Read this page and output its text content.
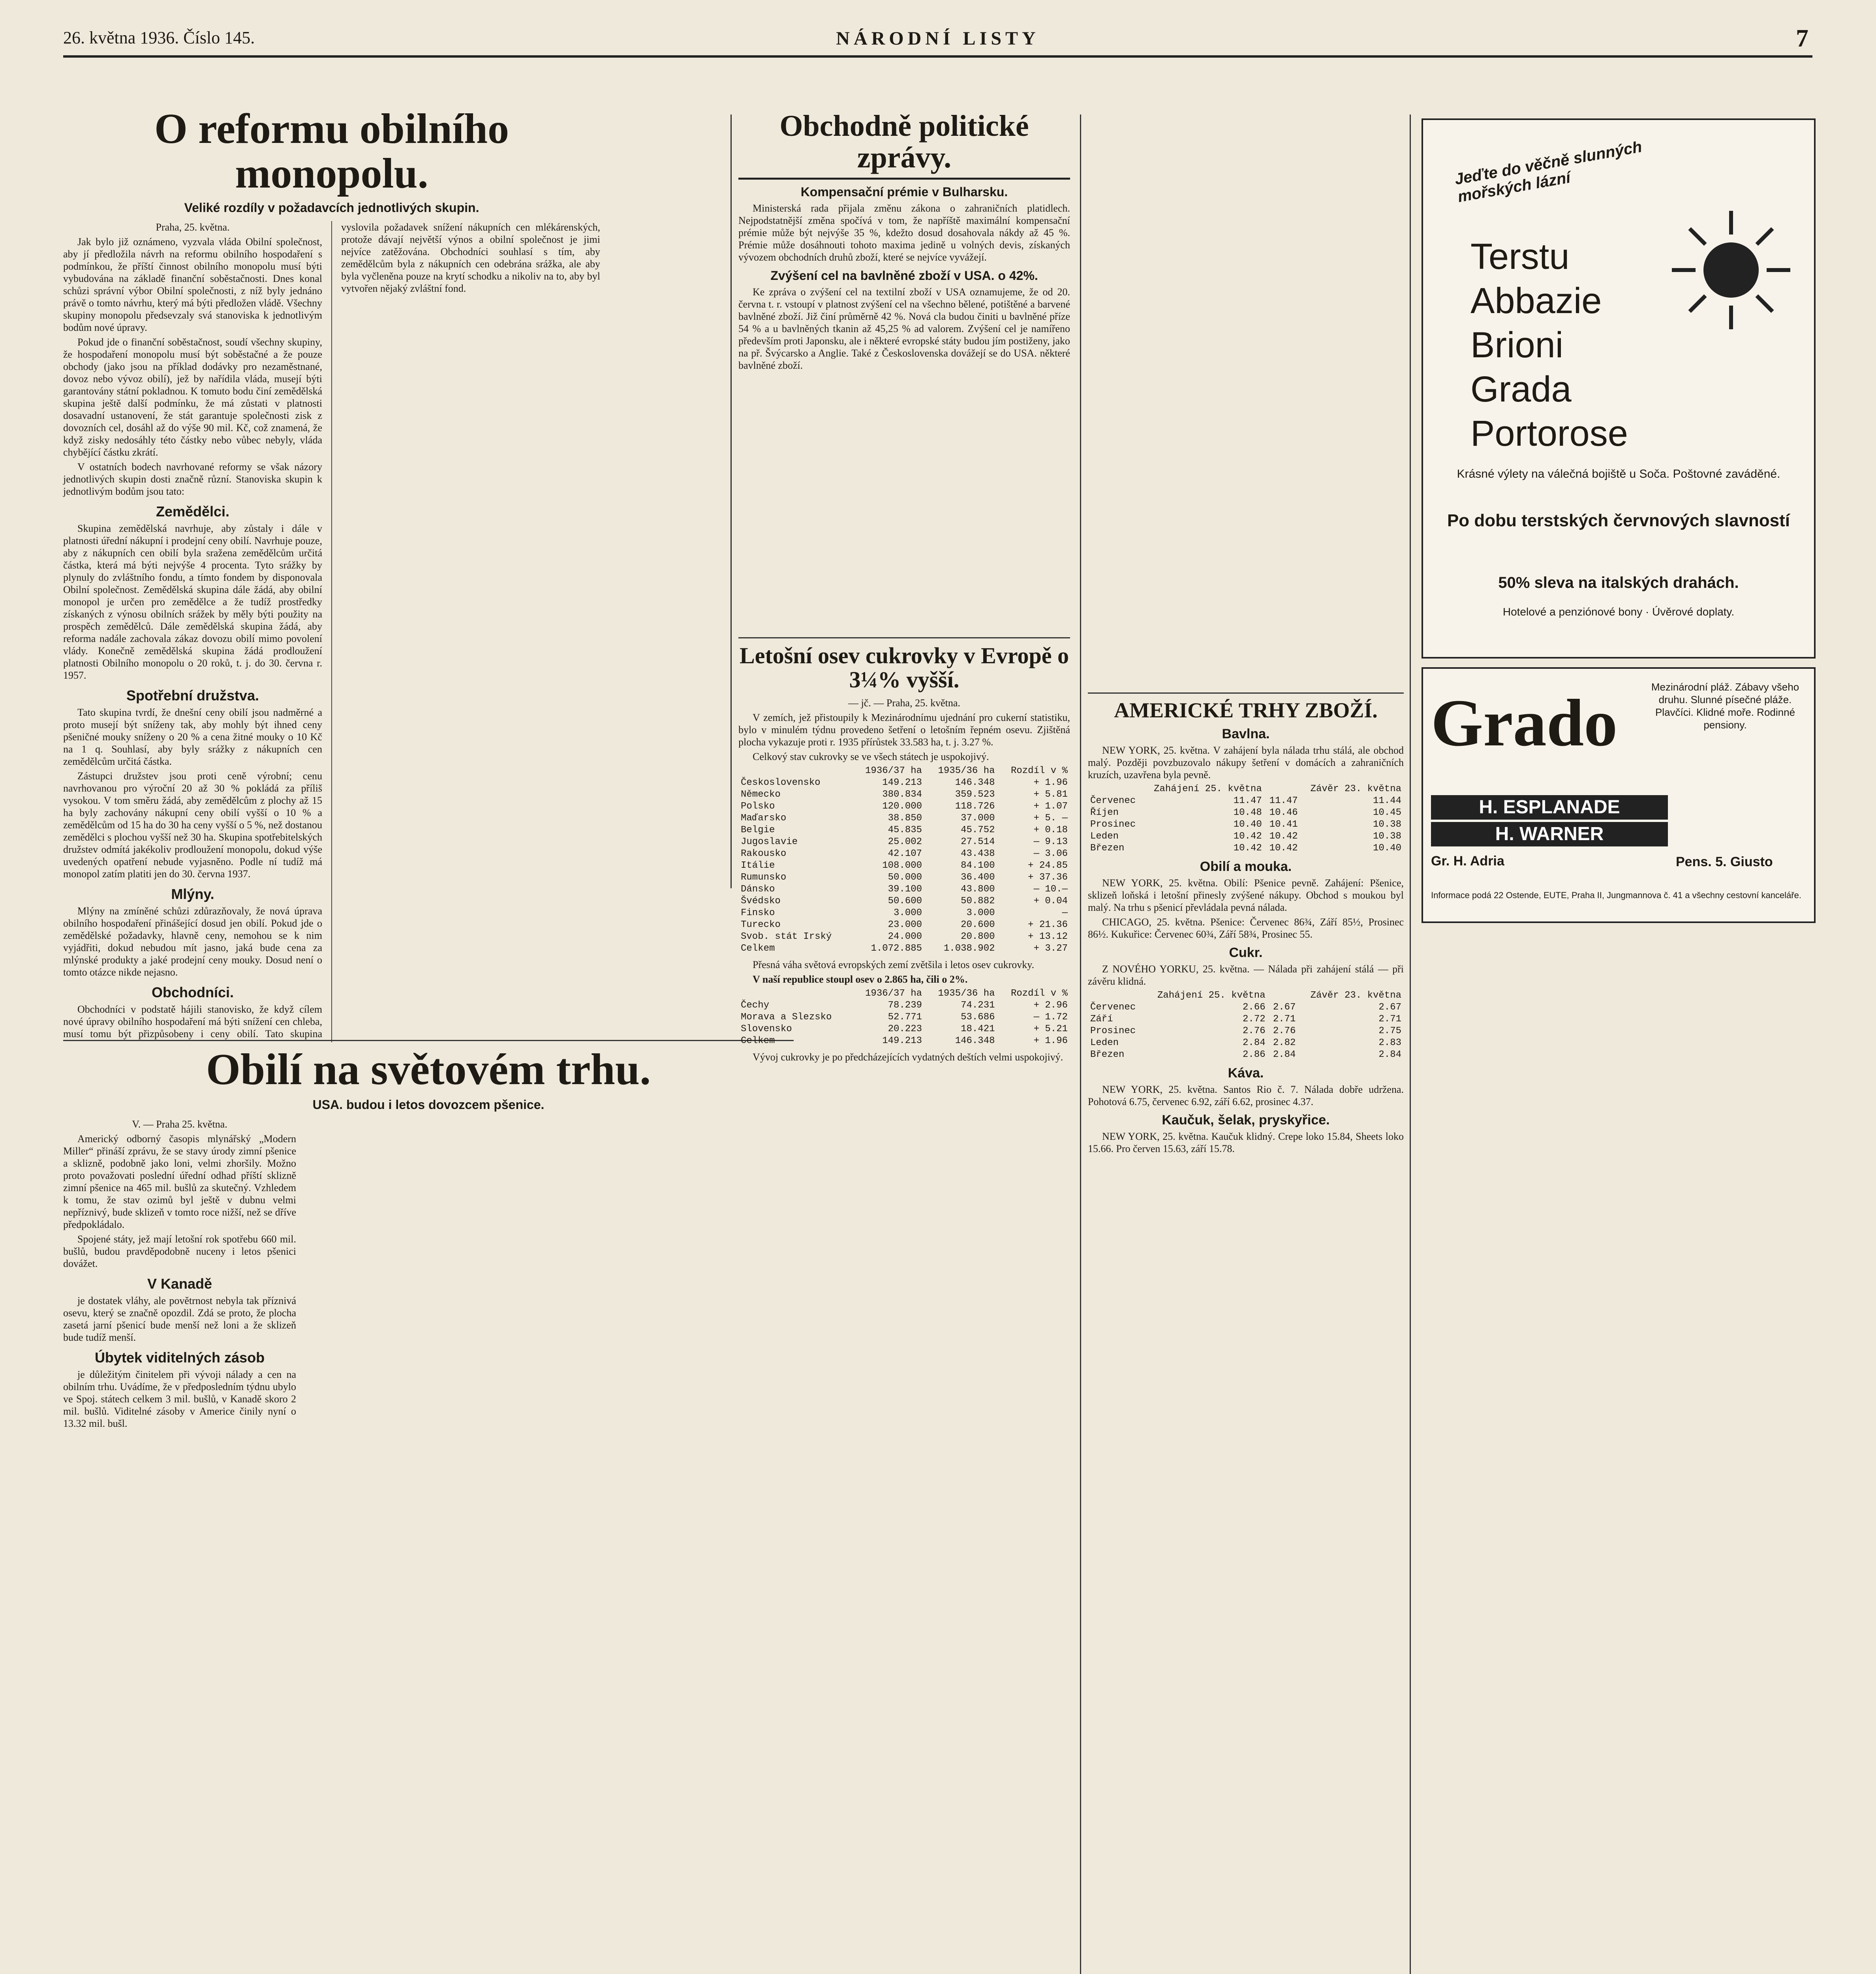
26. května 1936. Číslo 145.	NÁRODNÍ LISTY	7
O reformu obilního monopolu.
Veliké rozdíly v požadavcích jednotlivých skupin.

Praha, 25. května.

Jak bylo již oznámeno, vyzvala vláda Obilní společnost, aby jí předložila návrh na reformu obilního hospodaření s podmínkou, že příští činnost obilního monopolu musí býti vybudována na základě finanční soběstačnosti. Dnes konal schůzi správní výbor Obilní společnosti, z níž byly jednáno právě o tomto návrhu, který má býti předložen vládě. Všechny skupiny monopolu předsevzaly svá stanoviska k jednotlivým bodům nové úpravy.

Pokud jde o finanční soběstačnost, soudí všechny skupiny, že hospodaření monopolu musí být soběstačné a že pouze obchody (jako jsou na příklad dodávky pro nezaměstnané, dovoz nebo vývoz obilí), jež by nařídila vláda, musejí býti garantovány státní pokladnou. K tomuto bodu činí zemědělská skupina ještě další podmínku, že má zůstati v platnosti dosavadní ustanovení, že stát garantuje společnosti zisk z dovozních cel, dosáhl až do výše 90 mil. Kč, což znamená, že když zisky nedosáhly této částky nebo vůbec nebyly, vláda chybějící částku zkrátí.

V ostatních bodech navrhované reformy se však názory jednotlivých skupin dosti značně různí. Stanoviska skupin k jednotlivým bodům jsou tato:

Zemědělci.

Skupina zemědělská navrhuje, aby zůstaly i dále v platnosti úřední nákupní i prodejní ceny obilí. Navrhuje pouze, aby z nákupních cen obilí byla sražena zemědělcům určitá částka, která má býti nejvýše 4 procenta. Tyto srážky by plynuly do zvláštního fondu, a tímto fondem by disponovala Obilní společnost. Zemědělská skupina dále žádá, aby obilní monopol je určen pro zemědělce a že tudíž prostředky získaných z výnosu obilních srážek by měly býti použity na prospěch zemědělců. Dále zemědělská skupina žádá, aby reforma nadále zachovala zákaz dovozu obilí mimo povolení vlády. Konečně zemědělská skupina žádá prodloužení platnosti Obilního monopolu o 20 roků, t. j. do 30. června r. 1957.

Spotřební družstva.

Tato skupina tvrdí, že dnešní ceny obilí jsou nadměrné a proto musejí být sníženy tak, aby mohly být ihned ceny pšeničné mouky sníženy o 20 % a cena žitné mouky o 10 Kč na 1 q. Souhlasí, aby byly srážky z nákupních cen zemědělcům určitá částka.

Zástupci družstev jsou proti ceně výrobní; cenu navrhovanou pro výroční 20 až 30 % pokládá za příliš vysokou. V tom směru žádá, aby zemědělcům z plochy až 15 ha byly zachovány nákupní ceny obilí vyšší o 10 % a zemědělcům od 15 ha do 30 ha ceny vyšší o 5 %, než dostanou zemědělci s plochou vyšší než 30 ha. Skupina spotřebitelských družstev odmítá jakékoliv prodloužení monopolu, dokud výše uvedených opatření nebude vyjasněno. Podle ní tudíž má monopol zatím platiti jen do 30. června 1937.

Mlýny.

Mlýny na zmíněné schůzi zdůrazňovaly, že nová úprava obilního hospodaření přinášející dosud jen obilí. Pokud jde o zemědělské požadavky, hlavně ceny, nemohou se k nim vyjádřiti, dokud nebudou mít jasno, jaká bude cena za mlýnské produkty a jaké prodejní ceny mouky. Dosud není o tomto otázce nikde nejasno.

Obchodníci.

Obchodníci v podstatě hájili stanovisko, že když cílem nové úpravy obilního hospodaření má býti snížení cen chleba, musí tomu být přizpůsobeny i ceny obilí. Tato skupina vyslovila požadavek snížení nákupních cen mlékárenských, protože dávají největší výnos a obilní společnost je jimi nejvíce zatěžována. Obchodníci souhlasí s tím, aby zemědělcům byla z nákupních cen odebrána srážka, ale aby byla vyčleněna pouze na krytí schodku a nikoliv na to, aby byl vytvořen nějaký zvláštní fond.

Obilí na světovém trhu.
USA. budou i letos dovozcem pšenice.

V. — Praha 25. května.

Americký odborný časopis mlynářský „Modern Miller“ přináší zprávu, že se stavy úrody zimní pšenice a sklizně, podobně jako loni, velmi zhoršily. Možno proto považovati poslední úřední odhad příští sklizně zimní pšenice na 465 mil. bušlů za skutečný. Vzhledem k tomu, že stav ozimů byl ještě v dubnu velmi nepříznivý, bude sklizeň v tomto roce nižší, než se dříve předpokládalo.

Spojené státy, jež mají letošní rok spotřebu 660 mil. bušlů, budou pravděpodobně nuceny i letos pšenici dovážet.

V Kanadě

je dostatek vláhy, ale povětrnost nebyla tak příznivá osevu, který se značně opozdil. Zdá se proto, že plocha zasetá jarní pšenicí bude menší než loni a že sklizeň bude tudíž menší.

Úbytek viditelných zásob

je důležitým činitelem při vývoji nálady a cen na obilním trhu. Uvádíme, že v předposledním týdnu ubylo ve Spoj. státech celkem 3 mil. bušlů, v Kanadě skoro 2 mil. bušlů. Viditelné zásoby v Americe činily nyní o 13.32 mil. bušl.

Obchodně politické zprávy.
Kompensační prémie v Bulharsku.

Ministerská rada přijala změnu zákona o zahraničních platidlech. Nejpodstatnější změna spočívá v tom, že napříště maximální kompensační prémie může být nejvýše 35 %, kdežto dosud dosahovala nákdy až 45 %. Prémie může dosáhnouti tohoto maxima jedině u volných devis, získaných vývozem obchodních druhů zboží, které se nejvíce vyvážejí.

Zvýšení cel na bavlněné zboží v USA. o 42%.

Ke zpráva o zvýšení cel na textilní zboží v USA oznamujeme, že od 20. června t. r. vstoupí v platnost zvýšení cel na všechno bělené, potištěné a barvené bavlněné zboží. Již činí průměrně 42 %. Nová cla budou činiti u bavlněné příze 54 % a u bavlněných tkanin až 45,25 % ad valorem. Zvýšení cel je namířeno především proti Japonsku, ale i některé evropské státy budou jím postiženy, jako na př. Švýcarsko a Anglie. Také z Československa dovážejí se do USA. některé bavlněné zboží.

Letošní osev cukrovky v Evropě o 3¼% vyšší.

— jč. — Praha, 25. května.

V zemích, jež přistoupily k Mezinárodnímu ujednání pro cukerní statistiku, bylo v minulém týdnu provedeno šetření o letošním řepném osevu. Zjištěná plocha vykazuje proti r. 1935 přírůstek 33.583 ha, t. j. 3.27 %.

Celkový stav cukrovky se ve všech státech je uspokojivý.

	1936/37 ha	1935/36 ha	Rozdíl v %
Československo	149.213	146.348	+ 1.96
Německo	380.834	359.523	+ 5.81
Polsko	120.000	118.726	+ 1.07
Maďarsko	38.850	37.000	+ 5. —
Belgie	45.835	45.752	+ 0.18
Jugoslavie	25.002	27.514	— 9.13
Rakousko	42.107	43.438	— 3.06
Itálie	108.000	84.100	+ 24.85
Rumunsko	50.000	36.400	+ 37.36
Dánsko	39.100	43.800	— 10.—
Švédsko	50.600	50.882	+ 0.04
Finsko	3.000	3.000	—
Turecko	23.000	20.600	+ 21.36
Svob. stát Irský	24.000	20.800	+ 13.12
Celkem	1.072.885	1.038.902	+ 3.27

Přesná váha světová evropských zemí zvětšila i letos osev cukrovky.

V naší republice stoupl osev o 2.865 ha, čili o 2%.

	1936/37 ha	1935/36 ha	Rozdíl v %
Čechy	78.239	74.231	+ 2.96
Morava a Slezsko	52.771	53.686	— 1.72
Slovensko	20.223	18.421	+ 5.21
Celkem	149.213	146.348	+ 1.96

Vývoj cukrovky je po předcházejících vydatných deštích velmi uspokojivý.

AMERICKÉ TRHY ZBOŽÍ.
Bavlna.

NEW YORK, 25. května. V zahájení byla nálada trhu stálá, ale obchod malý. Později povzbuzovalo nákupy šetření v domácích a zahraničních kruzích, uzavřena byla pevně.

	Zahájení 25. května		Závěr 23. května
Červenec	11.47	11.47	11.44
Říjen	10.48	10.46	10.45
Prosinec	10.40	10.41	10.38
Leden	10.42	10.42	10.38
Březen	10.42	10.42	10.40
Obilí a mouka.

NEW YORK, 25. května. Obilí: Pšenice pevně. Zahájení: Pšenice, sklizeň loňská i letošní přinesly zvýšené nákupy. Obchod s moukou byl malý. Na trhu s pšenicí převládala pevná nálada.

CHICAGO, 25. května. Pšenice: Červenec 86¾, Září 85½, Prosinec 86½. Kukuřice: Červenec 60¾, Září 58¾, Prosinec 55.

Cukr.

Z NOVÉHO YORKU, 25. května. — Nálada při zahájení stálá — při závěru klidná.

	Zahájení 25. května		Závěr 23. května
Červenec	2.66	2.67	2.67
Září	2.72	2.71	2.71
Prosinec	2.76	2.76	2.75
Leden	2.84	2.82	2.83
Březen	2.86	2.84	2.84
Káva.

NEW YORK, 25. května. Santos Rio č. 7. Nálada dobře udržena. Pohotová 6.75, červenec 6.92, září 6.62, prosinec 4.37.

Kaučuk, šelak, pryskyřice.

NEW YORK, 25. května. Kaučuk klidný. Crepe loko 15.84, Sheets loko 15.66. Pro červen 15.63, září 15.78.

Jeďte do věčně slunných mořských lázní
Terstu
Abbazie
Brioni
Grada
Portorose
Krásné výlety na válečná bojiště u Soča. Poštovné zaváděné.
Po dobu terstských červnových slavností
50% sleva na italských drahách.
Hotelové a penziónové bony · Úvěrové doplaty.
Grado	Mezinárodní pláž. Zábavy všeho druhu. Slunné písečné pláže. Plavčíci. Klidné moře. Rodinné pensiony.
H. ESPLANADE
H. WARNER
Gr. H. Adria	Pens. 5. Giusto
Informace podá 22 Ostende, EUTE, Praha II, Jungmannova č. 41 a všechny cestovní kanceláře.
